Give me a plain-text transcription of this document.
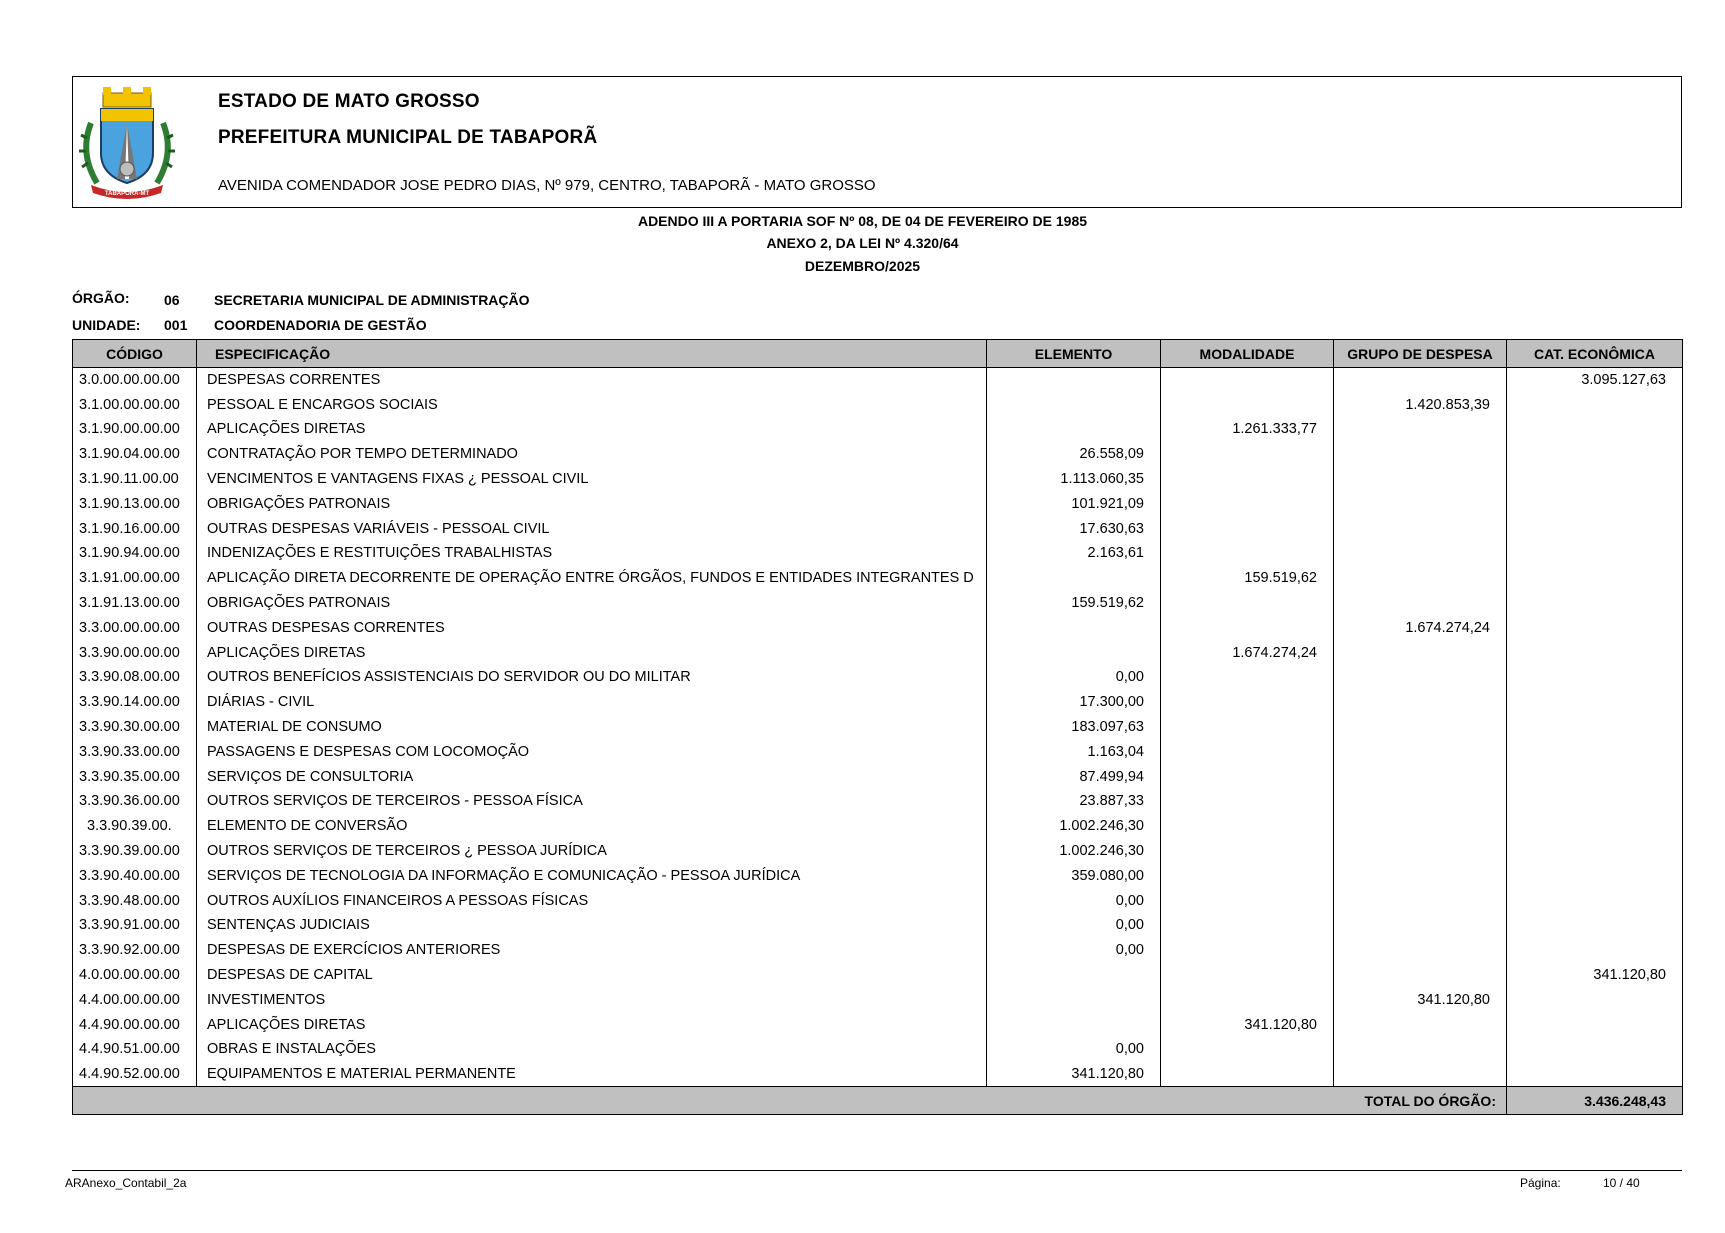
TABAPORÃ-MT
ESTADO DE MATO GROSSO
PREFEITURA MUNICIPAL DE TABAPORÃ
AVENIDA COMENDADOR JOSE PEDRO DIAS, Nº 979, CENTRO, TABAPORÃ - MATO GROSSO
ADENDO III A PORTARIA SOF Nº 08, DE 04 DE FEVEREIRO DE 1985
ANEXO 2, DA LEI Nº 4.320/64
DEZEMBRO/2025
ÓRGÃO: 06 SECRETARIA MUNICIPAL DE ADMINISTRAÇÃO
UNIDADE: 001 COORDENADORIA DE GESTÃO
CÓDIGO	ESPECIFICAÇÃO	ELEMENTO	MODALIDADE	GRUPO DE DESPESA	CAT. ECONÔMICA
3.0.00.00.00.00	DESPESAS CORRENTES				3.095.127,63
3.1.00.00.00.00	PESSOAL E ENCARGOS SOCIAIS			1.420.853,39	
3.1.90.00.00.00	APLICAÇÕES DIRETAS		1.261.333,77		
3.1.90.04.00.00	CONTRATAÇÃO POR TEMPO DETERMINADO	26.558,09			
3.1.90.11.00.00	VENCIMENTOS E VANTAGENS FIXAS ¿ PESSOAL CIVIL	1.113.060,35			
3.1.90.13.00.00	OBRIGAÇÕES PATRONAIS	101.921,09			
3.1.90.16.00.00	OUTRAS DESPESAS VARIÁVEIS - PESSOAL CIVIL	17.630,63			
3.1.90.94.00.00	INDENIZAÇÕES E RESTITUIÇÕES TRABALHISTAS	2.163,61			
3.1.91.00.00.00	APLICAÇÃO DIRETA DECORRENTE DE OPERAÇÃO ENTRE ÓRGÃOS, FUNDOS E ENTIDADES INTEGRANTES D		159.519,62		
3.1.91.13.00.00	OBRIGAÇÕES PATRONAIS	159.519,62			
3.3.00.00.00.00	OUTRAS DESPESAS CORRENTES			1.674.274,24	
3.3.90.00.00.00	APLICAÇÕES DIRETAS		1.674.274,24		
3.3.90.08.00.00	OUTROS BENEFÍCIOS ASSISTENCIAIS DO SERVIDOR OU DO MILITAR	0,00			
3.3.90.14.00.00	DIÁRIAS - CIVIL	17.300,00			
3.3.90.30.00.00	MATERIAL DE CONSUMO	183.097,63			
3.3.90.33.00.00	PASSAGENS E DESPESAS COM LOCOMOÇÃO	1.163,04			
3.3.90.35.00.00	SERVIÇOS DE CONSULTORIA	87.499,94			
3.3.90.36.00.00	OUTROS SERVIÇOS DE TERCEIROS - PESSOA FÍSICA	23.887,33			
3.3.90.39.00.	ELEMENTO DE CONVERSÃO	1.002.246,30			
3.3.90.39.00.00	OUTROS SERVIÇOS DE TERCEIROS ¿ PESSOA JURÍDICA	1.002.246,30			
3.3.90.40.00.00	SERVIÇOS DE TECNOLOGIA DA INFORMAÇÃO E COMUNICAÇÃO - PESSOA JURÍDICA	359.080,00			
3.3.90.48.00.00	OUTROS AUXÍLIOS FINANCEIROS A PESSOAS FÍSICAS	0,00			
3.3.90.91.00.00	SENTENÇAS JUDICIAIS	0,00			
3.3.90.92.00.00	DESPESAS DE EXERCÍCIOS ANTERIORES	0,00			
4.0.00.00.00.00	DESPESAS DE CAPITAL				341.120,80
4.4.00.00.00.00	INVESTIMENTOS			341.120,80	
4.4.90.00.00.00	APLICAÇÕES DIRETAS		341.120,80		
4.4.90.51.00.00	OBRAS E INSTALAÇÕES	0,00			
4.4.90.52.00.00	EQUIPAMENTOS E MATERIAL PERMANENTE	341.120,80			
TOTAL DO ÓRGÃO:					3.436.248,43
ARAnexo_Contabil_2a	Página:	10 / 40
